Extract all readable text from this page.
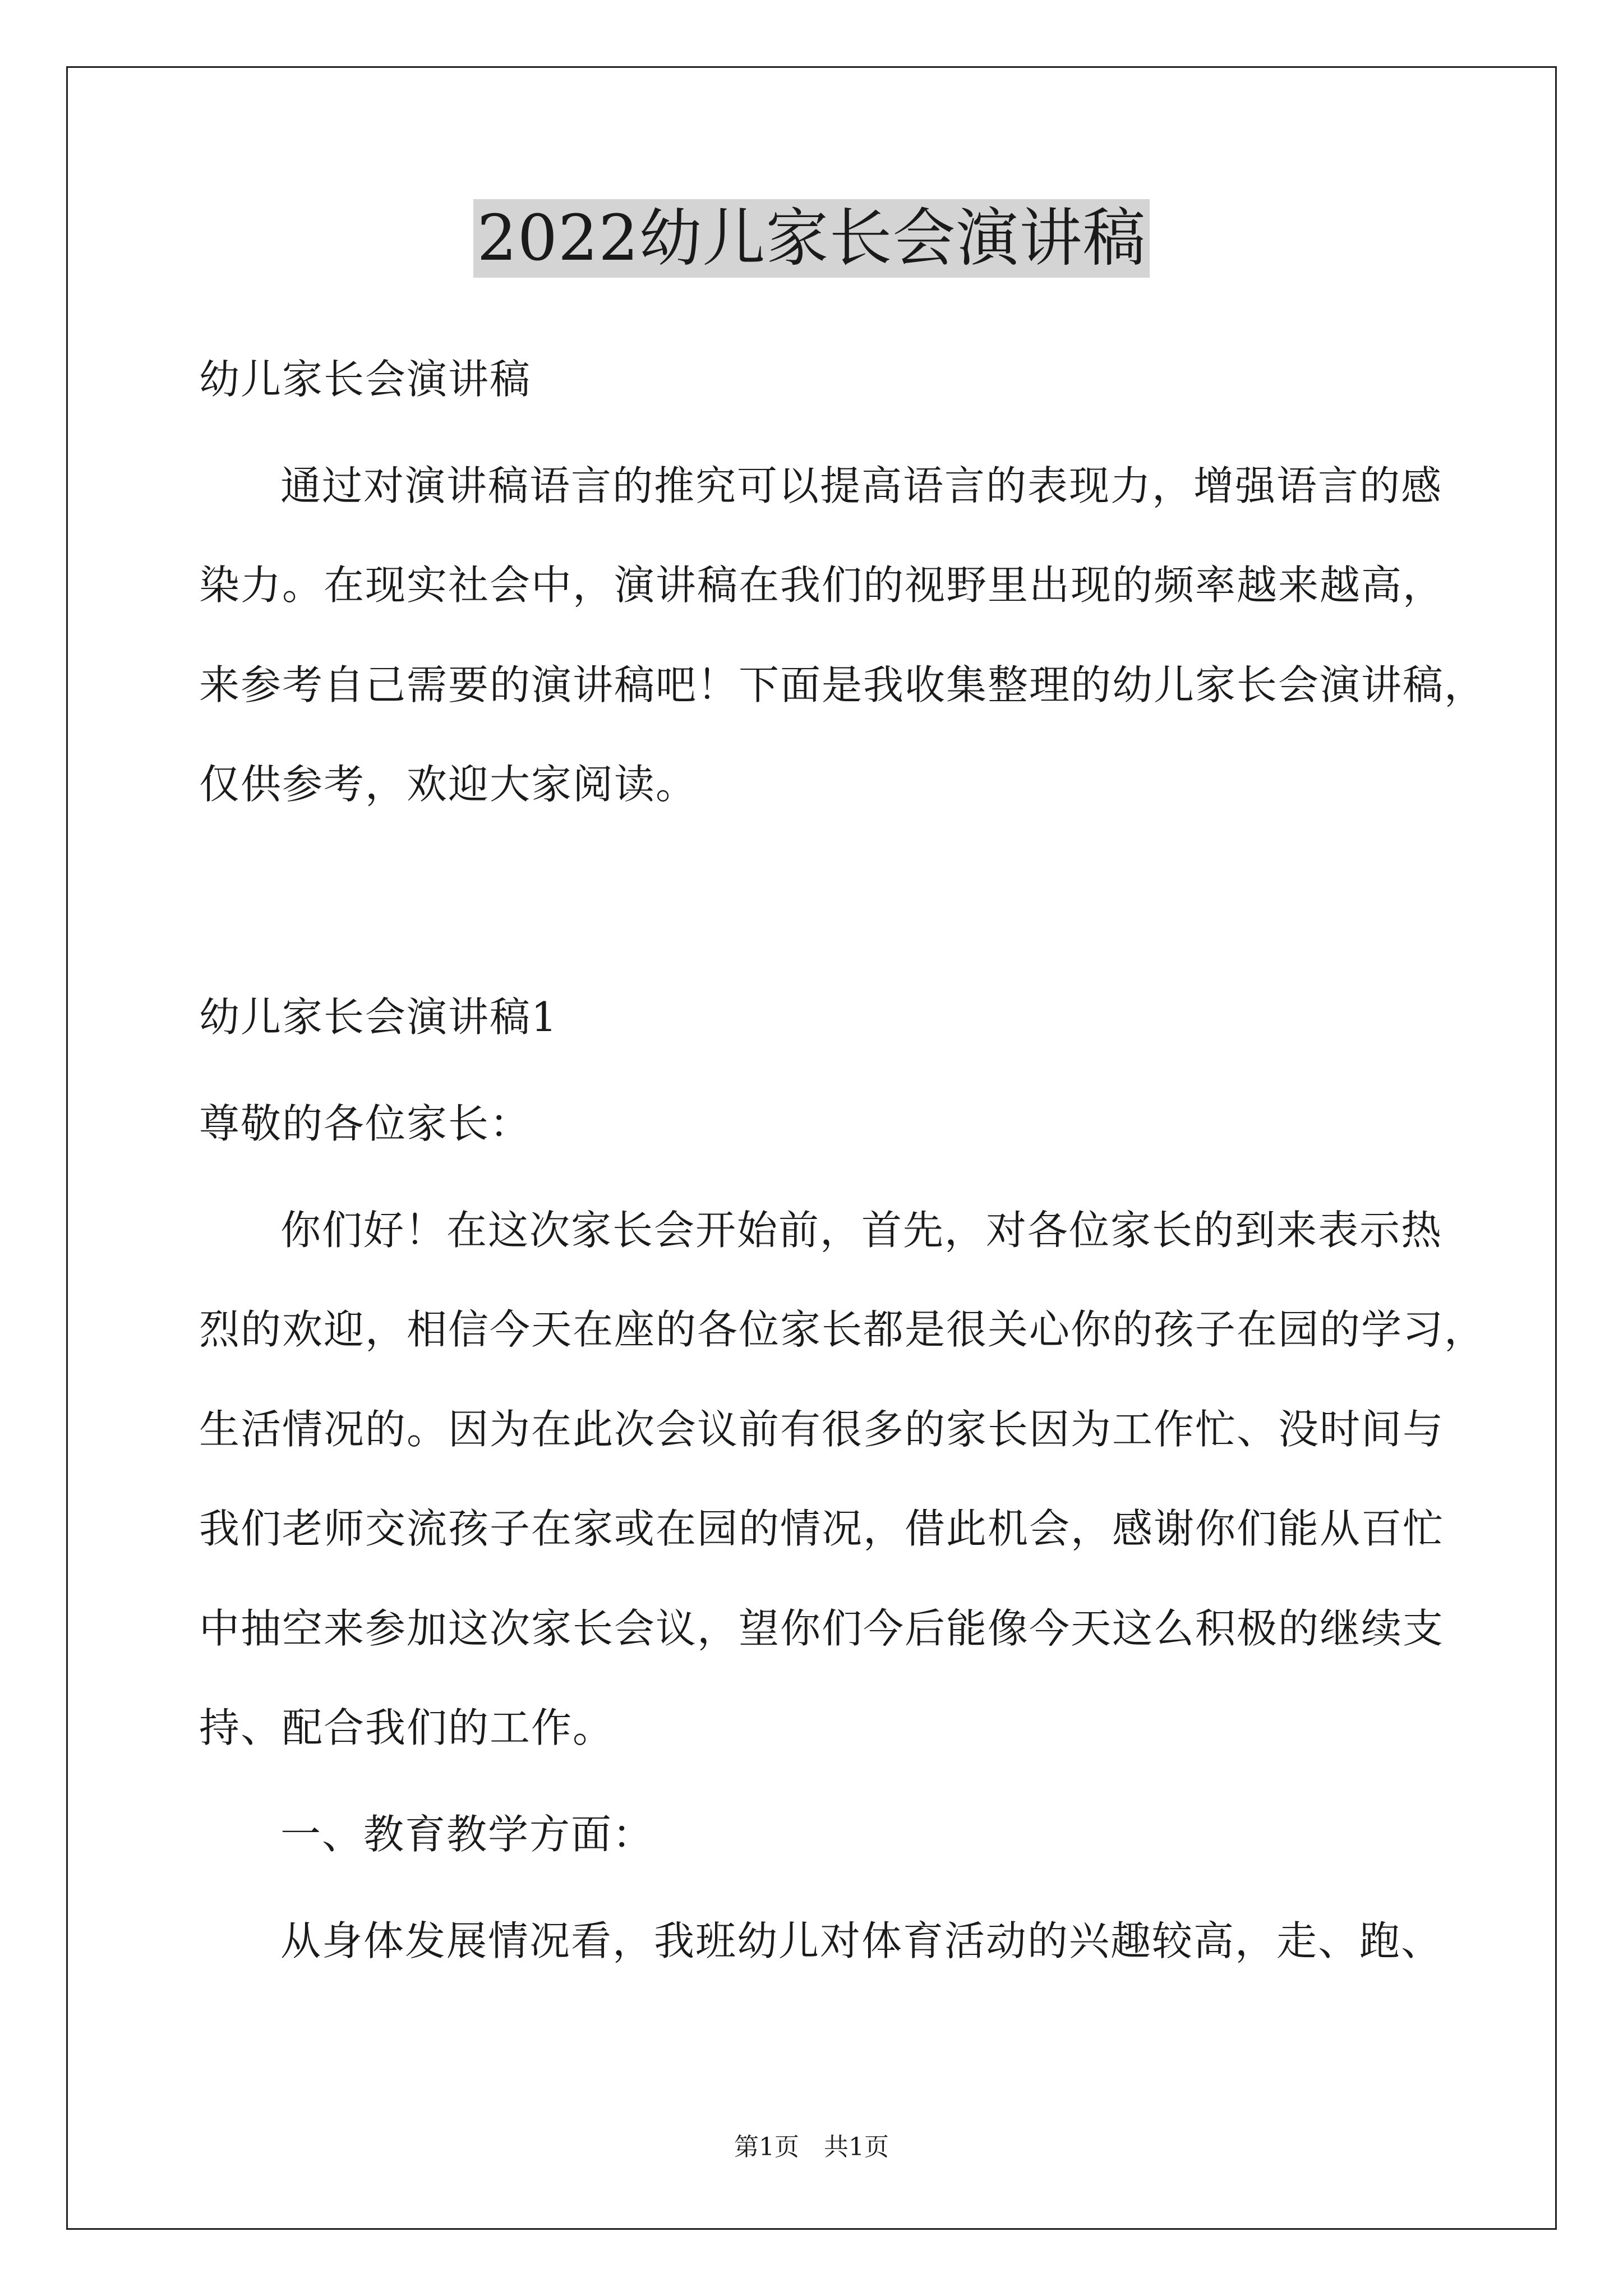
2022幼儿家长会演讲稿
幼儿家长会演讲稿
通过对演讲稿语言的推究可以提高语言的表现力，增强语言的感
染力。在现实社会中，演讲稿在我们的视野里出现的频率越来越高，
来参考自己需要的演讲稿吧！下面是我收集整理的幼儿家长会演讲稿，
仅供参考，欢迎大家阅读。
幼儿家长会演讲稿1
尊敬的各位家长：
你们好！在这次家长会开始前，首先，对各位家长的到来表示热
烈的欢迎，相信今天在座的各位家长都是很关心你的孩子在园的学习，
生活情况的。因为在此次会议前有很多的家长因为工作忙、没时间与
我们老师交流孩子在家或在园的情况，借此机会，感谢你们能从百忙
中抽空来参加这次家长会议，望你们今后能像今天这么积极的继续支
持、配合我们的工作。
一、教育教学方面：
从身体发展情况看，我班幼儿对体育活动的兴趣较高，走、跑、
第1页　共1页
